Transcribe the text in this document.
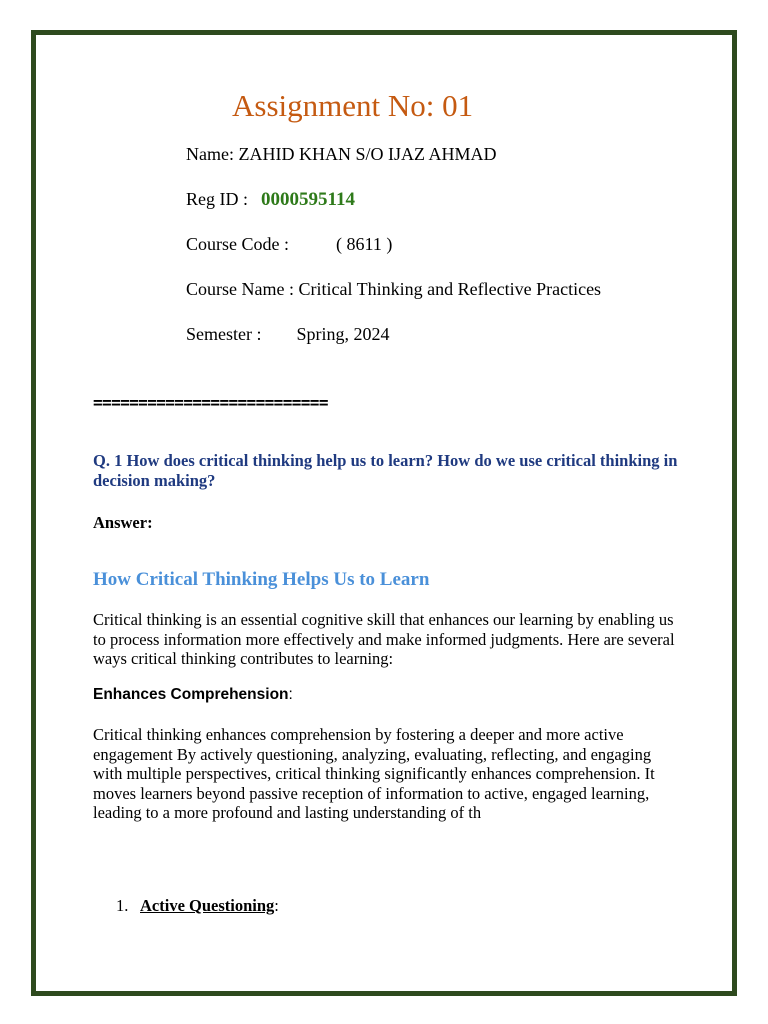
Assignment No: 01
Name: ZAHID KHAN S/O IJAZ AHMAD
Reg ID : 0000595114
Course Code :	( 8611 )
Course Name : Critical Thinking and Reflective Practices
Semester : Spring, 2024
==========================
Q. 1 How does critical thinking help us to learn? How do we use critical thinking in decision making?
Answer:
How Critical Thinking Helps Us to Learn
Critical thinking is an essential cognitive skill that enhances our learning by enabling us to process information more effectively and make informed judgments. Here are several ways critical thinking contributes to learning:
Enhances Comprehension:
Critical thinking enhances comprehension by fostering a deeper and more active engagement By actively questioning, analyzing, evaluating, reflecting, and engaging with multiple perspectives, critical thinking significantly enhances comprehension. It moves learners beyond passive reception of information to active, engaged learning, leading to a more profound and lasting understanding of th
1. Active Questioning:
